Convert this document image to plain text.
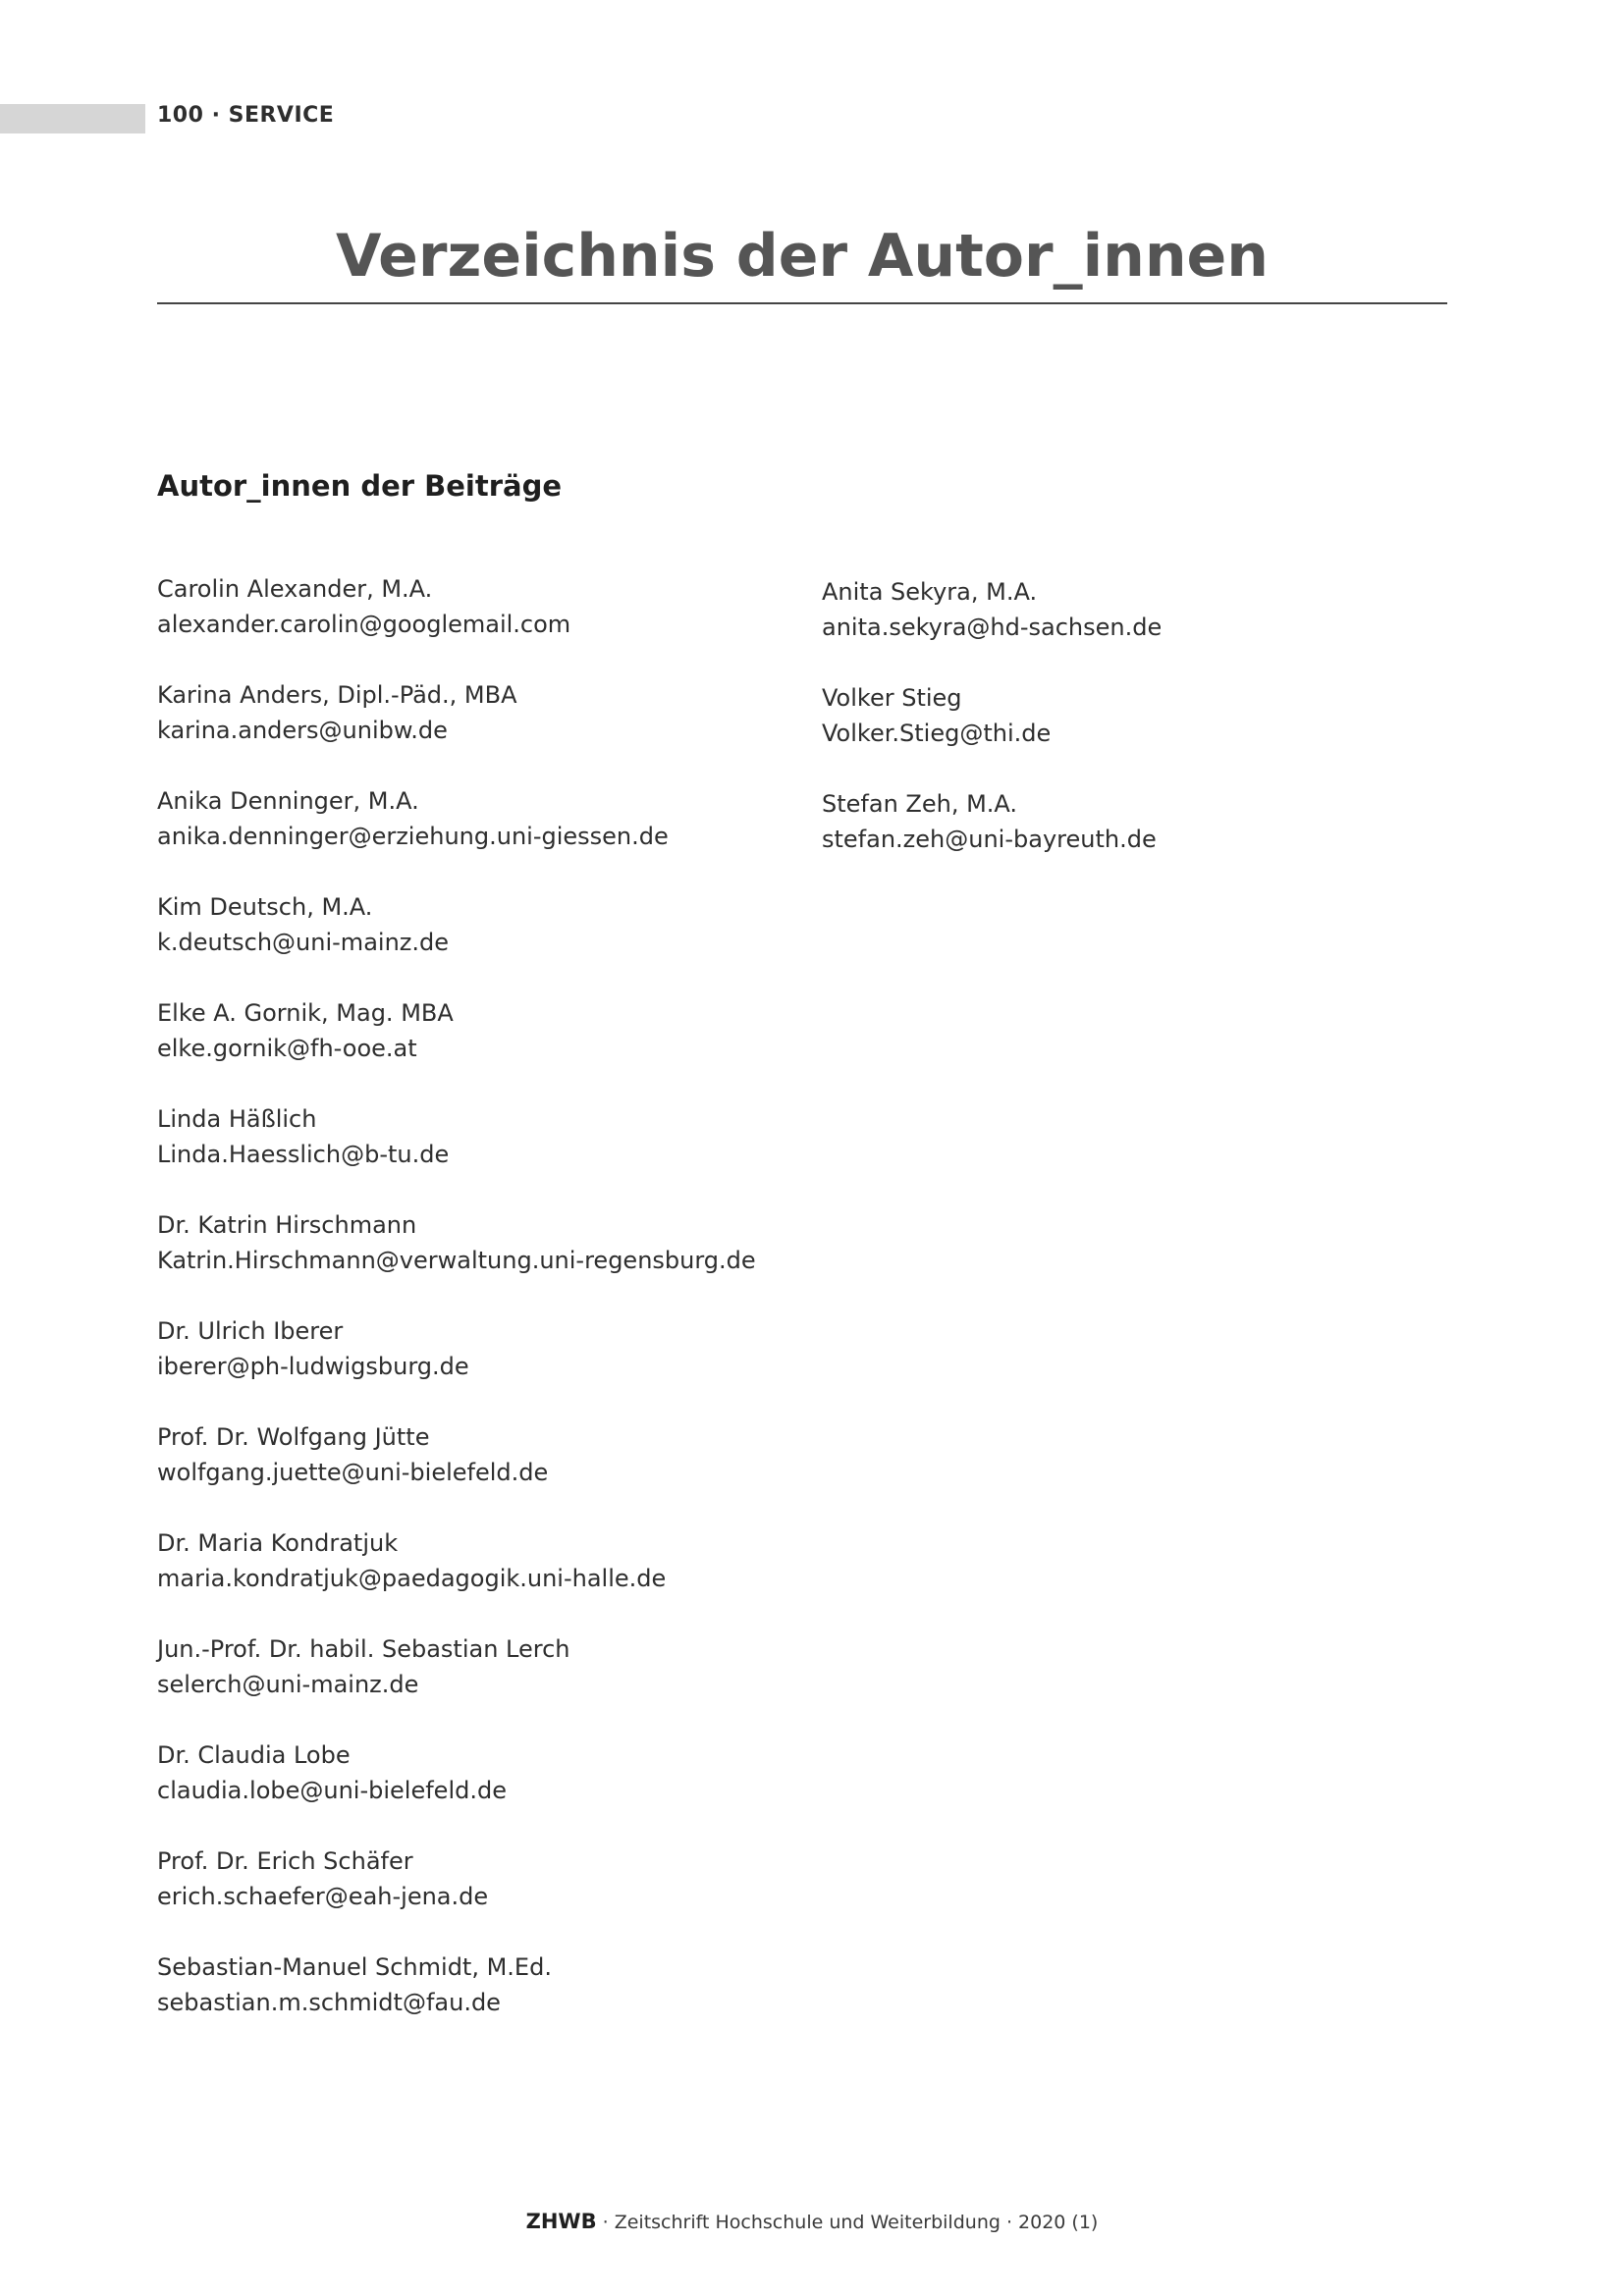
100 · SERVICE
Verzeichnis der Autor_innen
Autor_innen der Beiträge
Carolin Alexander, M.A.
alexander.carolin@googlemail.com
Karina Anders, Dipl.-Päd., MBA
karina.anders@unibw.de
Anika Denninger, M.A.
anika.denninger@erziehung.uni-giessen.de
Kim Deutsch, M.A.
k.deutsch@uni-mainz.de
Elke A. Gornik, Mag. MBA
elke.gornik@fh-ooe.at
Linda Häßlich
Linda.Haesslich@b-tu.de
Dr. Katrin Hirschmann
Katrin.Hirschmann@verwaltung.uni-regensburg.de
Dr. Ulrich Iberer
iberer@ph-ludwigsburg.de
Prof. Dr. Wolfgang Jütte
wolfgang.juette@uni-bielefeld.de
Dr. Maria Kondratjuk
maria.kondratjuk@paedagogik.uni-halle.de
Jun.-Prof. Dr. habil. Sebastian Lerch
selerch@uni-mainz.de
Dr. Claudia Lobe
claudia.lobe@uni-bielefeld.de
Prof. Dr. Erich Schäfer
erich.schaefer@eah-jena.de
Sebastian-Manuel Schmidt, M.Ed.
sebastian.m.schmidt@fau.de
Anita Sekyra, M.A.
anita.sekyra@hd-sachsen.de
Volker Stieg
Volker.Stieg@thi.de
Stefan Zeh, M.A.
stefan.zeh@uni-bayreuth.de
ZHWB · Zeitschrift Hochschule und Weiterbildung · 2020 (1)
